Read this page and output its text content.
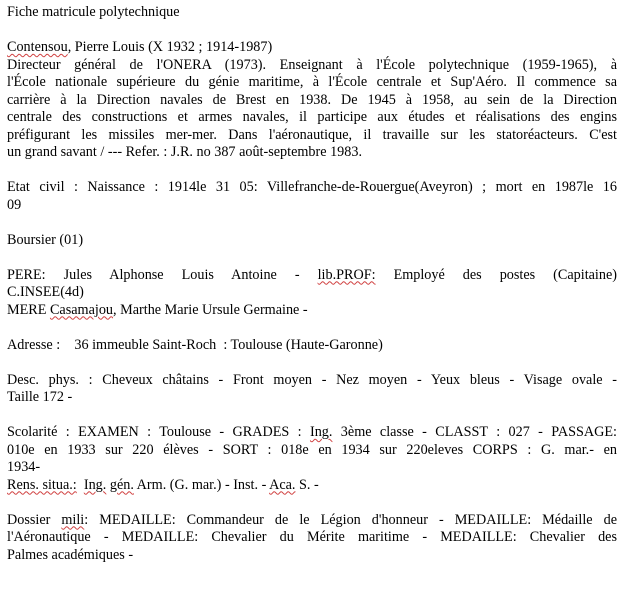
Fiche matricule polytechnique
Contensou, Pierre Louis (X 1932 ; 1914-1987)
Directeur général de l'ONERA (1973). Enseignant à l'École polytechnique (1959-1965), à
l'École nationale supérieure du génie maritime, à l'École centrale et Sup'Aéro. Il commence sa
carrière à la Direction navales de Brest en 1938. De 1945 à 1958, au sein de la Direction
centrale des constructions et armes navales, il participe aux études et réalisations des engins
préfigurant les missiles mer-mer. Dans l'aéronautique, il travaille sur les statoréacteurs. C'est
un grand savant / --- Refer. : J.R. no 387 août-septembre 1983.
Etat civil : Naissance : 1914le 31 05: Villefranche-de-Rouergue(Aveyron) ; mort en 1987le 16
09
Boursier (01)
PERE: Jules Alphonse Louis Antoine - lib.PROF: Employé des postes (Capitaine)
C.INSEE(4d)
MERE Casamajou, Marthe Marie Ursule Germaine -
Adresse :    36 immeuble Saint-Roch  : Toulouse (Haute-Garonne)
Desc. phys. : Cheveux châtains - Front moyen - Nez moyen - Yeux bleus - Visage ovale -
Taille 172 -
Scolarité : EXAMEN : Toulouse - GRADES : Ing. 3ème classe - CLASST : 027 - PASSAGE:
010e en 1933 sur 220 élèves - SORT : 018e en 1934 sur 220eleves CORPS : G. mar.- en
1934-
Rens. situa.: Ing. gén. Arm. (G. mar.) - Inst. - Aca. S. -
Dossier mili: MEDAILLE: Commandeur de le Légion d'honneur - MEDAILLE: Médaille de
l'Aéronautique - MEDAILLE: Chevalier du Mérite maritime - MEDAILLE: Chevalier des
Palmes académiques -
